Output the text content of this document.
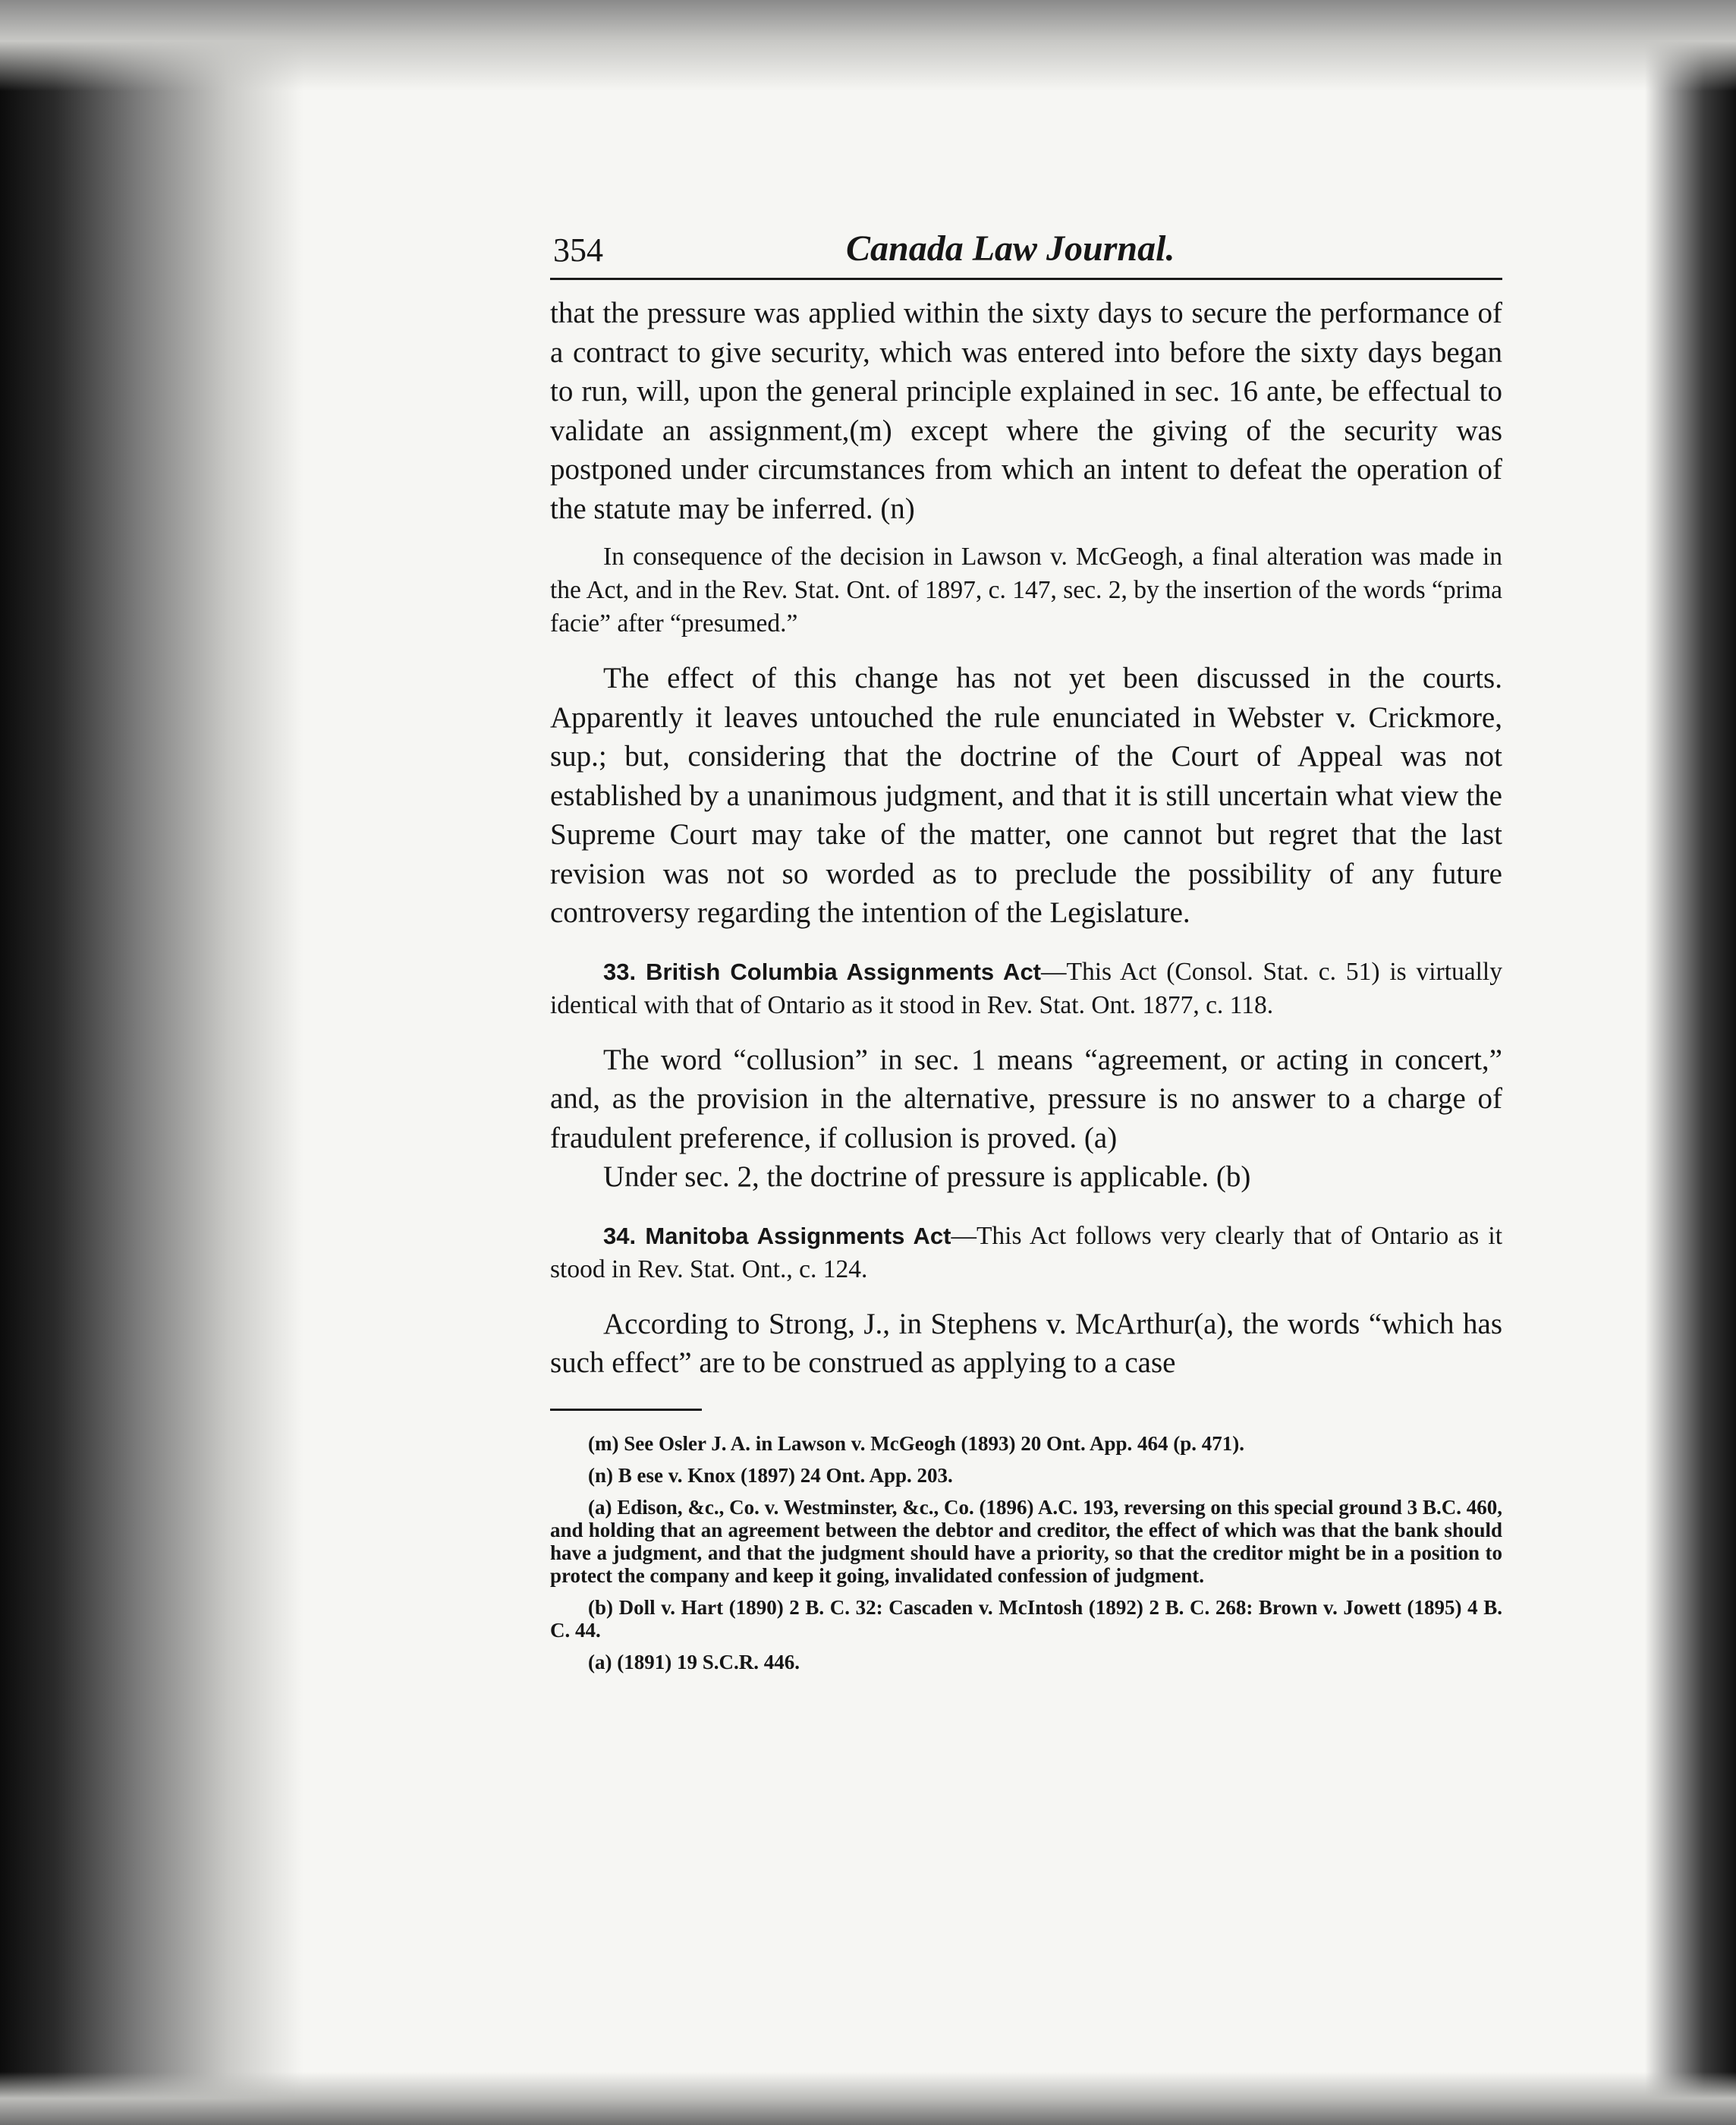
354	Canada Law Journal.

that the pressure was applied within the sixty days to secure the performance of a contract to give security, which was entered into before the sixty days began to run, will, upon the general principle explained in sec. 16 ante, be effectual to validate an assignment,(m) except where the giving of the security was postponed under circumstances from which an intent to defeat the operation of the statute may be inferred. (n)

In consequence of the decision in Lawson v. McGeogh, a final alteration was made in the Act, and in the Rev. Stat. Ont. of 1897, c. 147, sec. 2, by the insertion of the words “prima facie” after “presumed.”

The effect of this change has not yet been discussed in the courts. Apparently it leaves untouched the rule enunciated in Webster v. Crickmore, sup.; but, considering that the doctrine of the Court of Appeal was not established by a unanimous judgment, and that it is still uncertain what view the Supreme Court may take of the matter, one cannot but regret that the last revision was not so worded as to preclude the possibility of any future controversy regarding the intention of the Legislature.

33. British Columbia Assignments Act—This Act (Consol. Stat. c. 51) is virtually identical with that of Ontario as it stood in Rev. Stat. Ont. 1877, c. 118.

The word “collusion” in sec. 1 means “agreement, or acting in concert,” and, as the provision in the alternative, pressure is no answer to a charge of fraudulent preference, if collusion is proved. (a)

Under sec. 2, the doctrine of pressure is applicable. (b)

34. Manitoba Assignments Act—This Act follows very clearly that of Ontario as it stood in Rev. Stat. Ont., c. 124.

According to Strong, J., in Stephens v. McArthur(a), the words “which has such effect” are to be construed as applying to a case

(m) See Osler J. A. in Lawson v. McGeogh (1893) 20 Ont. App. 464 (p. 471).

(n) B ese v. Knox (1897) 24 Ont. App. 203.

(a) Edison, &c., Co. v. Westminster, &c., Co. (1896) A.C. 193, reversing on this special ground 3 B.C. 460, and holding that an agreement between the debtor and creditor, the effect of which was that the bank should have a judgment, and that the judgment should have a priority, so that the creditor might be in a position to protect the company and keep it going, invalidated confession of judgment.

(b) Doll v. Hart (1890) 2 B. C. 32: Cascaden v. McIntosh (1892) 2 B. C. 268: Brown v. Jowett (1895) 4 B. C. 44.

(a) (1891) 19 S.C.R. 446.
